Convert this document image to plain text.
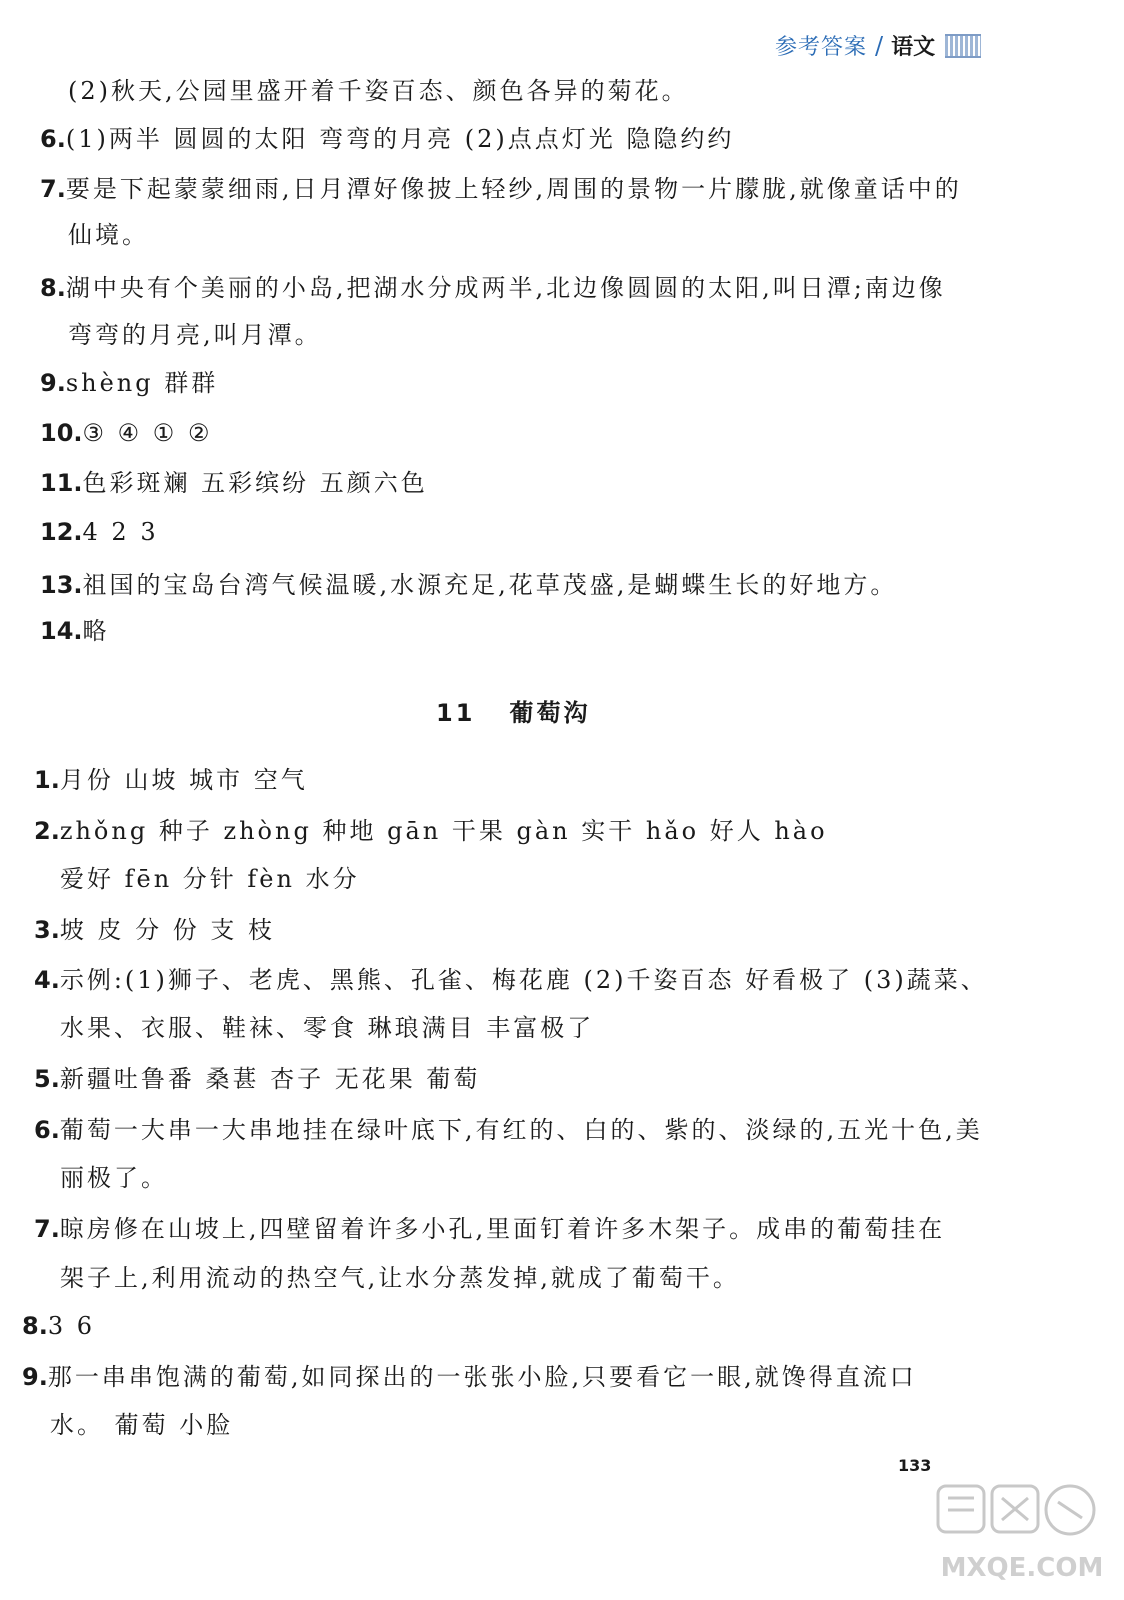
参考答案 / 语文
(2)秋天,公园里盛开着千姿百态、颜色各异的菊花。
6.(1)两半 圆圆的太阳 弯弯的月亮 (2)点点灯光 隐隐约约
7.要是下起蒙蒙细雨,日月潭好像披上轻纱,周围的景物一片朦胧,就像童话中的
仙境。
8.湖中央有个美丽的小岛,把湖水分成两半,北边像圆圆的太阳,叫日潭;南边像
弯弯的月亮,叫月潭。
9.shèng 群群
10.③ ④ ① ②
11.色彩斑斓 五彩缤纷 五颜六色
12.4 2 3
13.祖国的宝岛台湾气候温暖,水源充足,花草茂盛,是蝴蝶生长的好地方。
14.略
11 葡萄沟
1.月份 山坡 城市 空气
2.zhǒng 种子 zhòng 种地 gān 干果 gàn 实干 hǎo 好人 hào
爱好 fēn 分针 fèn 水分
3.坡 皮 分 份 支 枝
4.示例:(1)狮子、老虎、黑熊、孔雀、梅花鹿 (2)千姿百态 好看极了 (3)蔬菜、
水果、衣服、鞋袜、零食 琳琅满目 丰富极了
5.新疆吐鲁番 桑葚 杏子 无花果 葡萄
6.葡萄一大串一大串地挂在绿叶底下,有红的、白的、紫的、淡绿的,五光十色,美
丽极了。
7.晾房修在山坡上,四壁留着许多小孔,里面钉着许多木架子。成串的葡萄挂在
架子上,利用流动的热空气,让水分蒸发掉,就成了葡萄干。
8.3 6
9.那一串串饱满的葡萄,如同探出的一张张小脸,只要看它一眼,就馋得直流口
水。 葡萄 小脸
133
MXQE.COM
